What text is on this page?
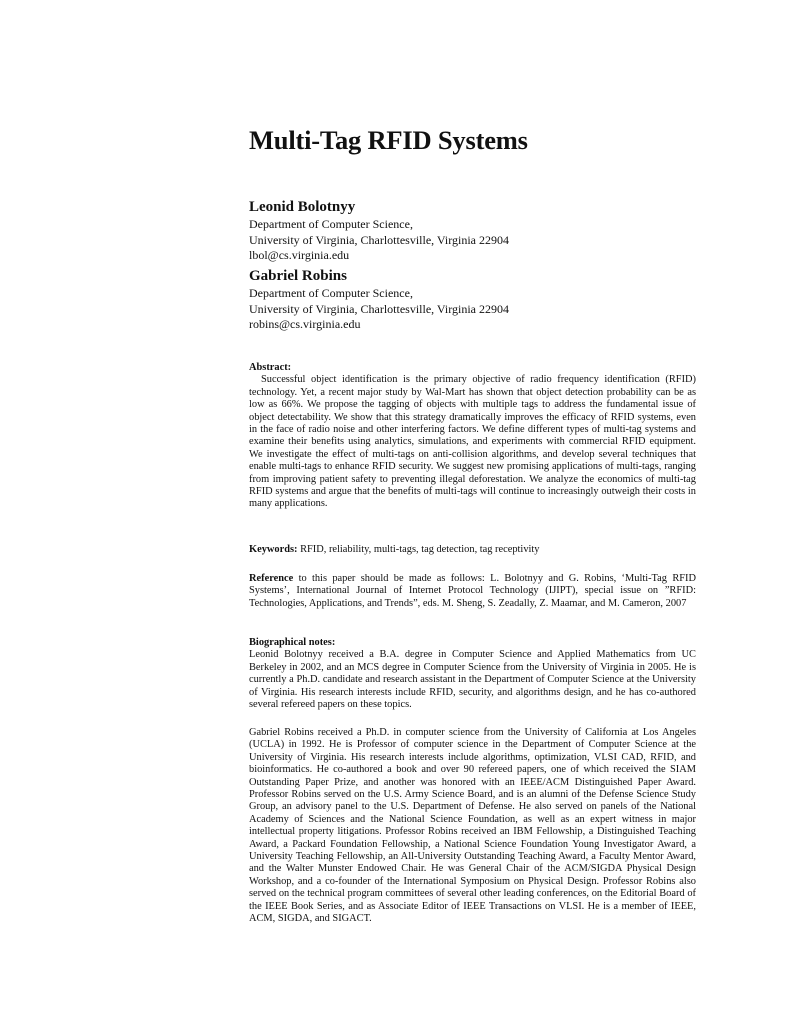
Multi-Tag RFID Systems
Leonid Bolotnyy
Department of Computer Science,
University of Virginia, Charlottesville, Virginia 22904
lbol@cs.virginia.edu
Gabriel Robins
Department of Computer Science,
University of Virginia, Charlottesville, Virginia 22904
robins@cs.virginia.edu
Abstract:
Successful object identification is the primary objective of radio frequency identification (RFID) technology. Yet, a recent major study by Wal-Mart has shown that object detection probability can be as low as 66%. We propose the tagging of objects with multiple tags to address the fundamental issue of object detectability. We show that this strategy dramatically improves the efficacy of RFID systems, even in the face of radio noise and other interfering factors. We define different types of multi-tag systems and examine their benefits using analytics, simulations, and experiments with commercial RFID equipment. We investigate the effect of multi-tags on anti-collision algorithms, and develop several techniques that enable multi-tags to enhance RFID security. We suggest new promising applications of multi-tags, ranging from improving patient safety to preventing illegal deforestation. We analyze the economics of multi-tag RFID systems and argue that the benefits of multi-tags will continue to increasingly outweigh their costs in many applications.
Keywords: RFID, reliability, multi-tags, tag detection, tag receptivity
Reference to this paper should be made as follows: L. Bolotnyy and G. Robins, ‘Multi-Tag RFID Systems’, International Journal of Internet Protocol Technology (IJIPT), special issue on ”RFID: Technologies, Applications, and Trends”, eds. M. Sheng, S. Zeadally, Z. Maamar, and M. Cameron, 2007
Biographical notes:
Leonid Bolotnyy received a B.A. degree in Computer Science and Applied Mathematics from UC Berkeley in 2002, and an MCS degree in Computer Science from the University of Virginia in 2005. He is currently a Ph.D. candidate and research assistant in the Department of Computer Science at the University of Virginia. His research interests include RFID, security, and algorithms design, and he has co-authored several refereed papers on these topics.
Gabriel Robins received a Ph.D. in computer science from the University of California at Los Angeles (UCLA) in 1992. He is Professor of computer science in the Department of Computer Science at the University of Virginia. His research interests include algorithms, optimization, VLSI CAD, RFID, and bioinformatics. He co-authored a book and over 90 refereed papers, one of which received the SIAM Outstanding Paper Prize, and another was honored with an IEEE/ACM Distinguished Paper Award. Professor Robins served on the U.S. Army Science Board, and is an alumni of the Defense Science Study Group, an advisory panel to the U.S. Department of Defense. He also served on panels of the National Academy of Sciences and the National Science Foundation, as well as an expert witness in major intellectual property litigations. Professor Robins received an IBM Fellowship, a Distinguished Teaching Award, a Packard Foundation Fellowship, a National Science Foundation Young Investigator Award, a University Teaching Fellowship, an All-University Outstanding Teaching Award, a Faculty Mentor Award, and the Walter Munster Endowed Chair. He was General Chair of the ACM/SIGDA Physical Design Workshop, and a co-founder of the International Symposium on Physical Design. Professor Robins also served on the technical program committees of several other leading conferences, on the Editorial Board of the IEEE Book Series, and as Associate Editor of IEEE Transactions on VLSI. He is a member of IEEE, ACM, SIGDA, and SIGACT.
